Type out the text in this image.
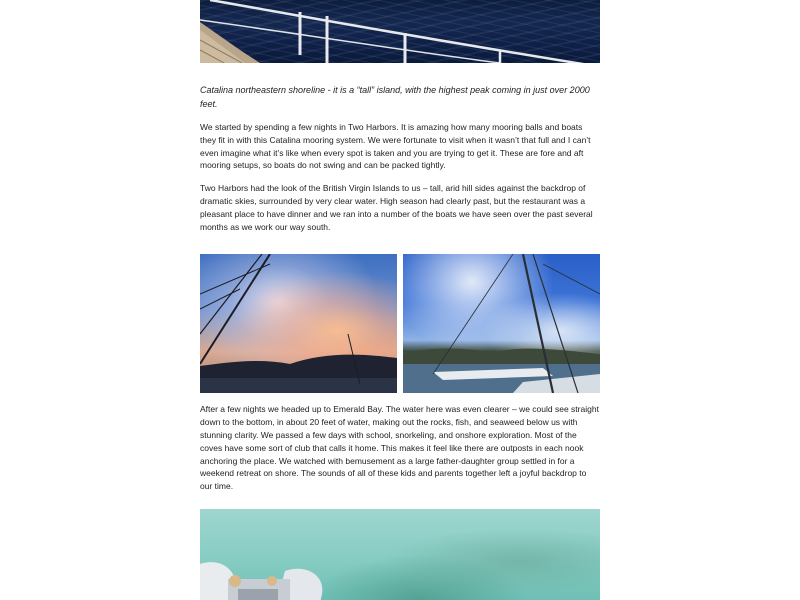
Catalina northeastern shoreline - it is a “tall” island, with the highest peak coming in just over 2000 feet.

We started by spending a few nights in Two Harbors. It is amazing how many mooring balls and boats they fit in with this Catalina mooring system. We were fortunate to visit when it wasn’t that full and I can’t even imagine what it’s like when every spot is taken and you are trying to get it. These are fore and aft mooring setups, so boats do not swing and can be packed tightly.

Two Harbors had the look of the British Virgin Islands to us – tall, arid hill sides against the backdrop of dramatic skies, surrounded by very clear water. High season had clearly past, but the restaurant was a pleasant place to have dinner and we ran into a number of the boats we have seen over the past several months as we work our way south.

After a few nights we headed up to Emerald Bay. The water here was even clearer – we could see straight down to the bottom, in about 20 feet of water, making out the rocks, fish, and seaweed below us with stunning clarity. We passed a few days with school, snorkeling, and onshore exploration. Most of the coves have some sort of club that calls it home. This makes it feel like there are outposts in each nook anchoring the place. We watched with bemusement as a large father-daughter group settled in for a weekend retreat on shore. The sounds of all of these kids and parents together left a joyful backdrop to our time.
